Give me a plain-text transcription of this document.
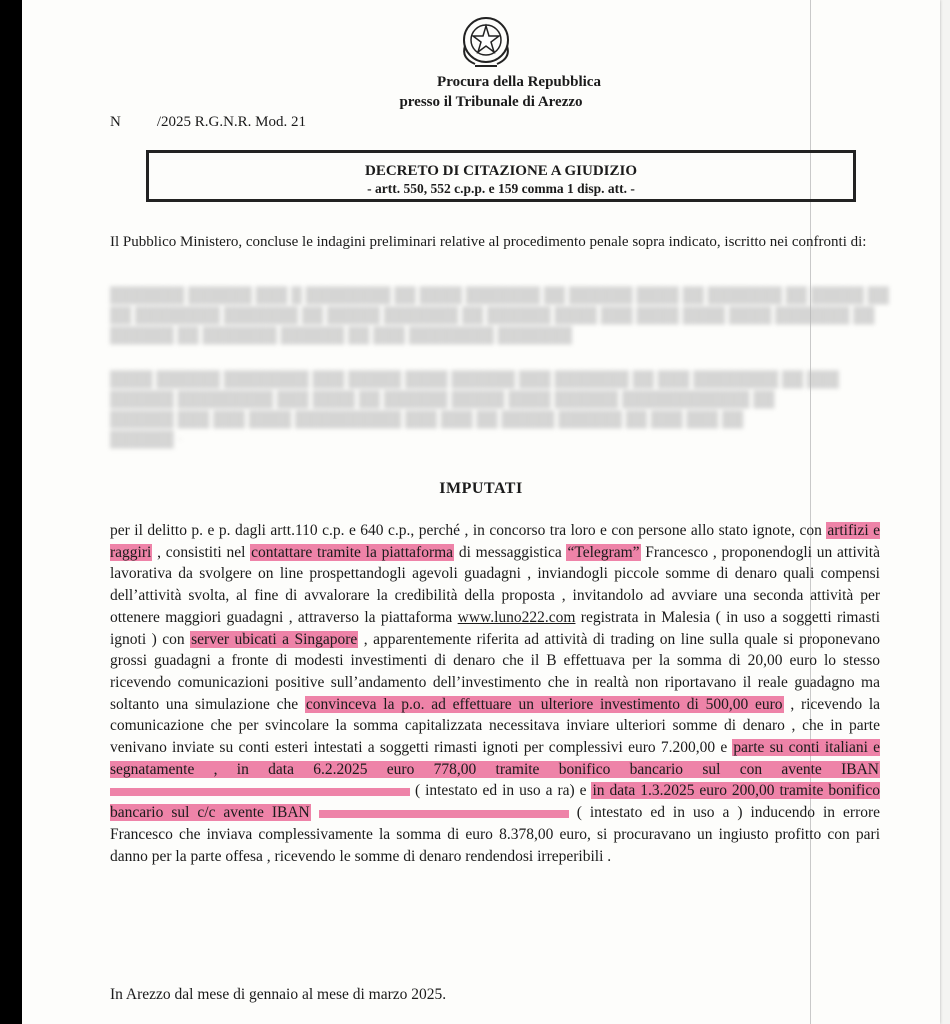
Procura della Repubblica
presso il Tribunale di Arezzo
N /2025 R.G.N.R. Mod. 21
DECRETO DI CITAZIONE A GIUDIZIO
- artt. 550, 552 c.p.p. e 159 comma 1 disp. att. -
Il Pubblico Ministero, concluse le indagini preliminari relative al procedimento penale sopra indicato, iscritto nei confronti di:
███████ ██████ ███ █ ████████ ██ ████ ███████ ██ ██████ ████ ██ ███████ ██ █████ ██
██ ████████ ███████ ██ █████ ███████ ██ ██████ ████ ███ ████ ████ ████ ███████ ██
██████ ██ ███████ ██████ ██ ███ ████████ ███████
████ ██████ ████████ ███ █████ ████ ██████ ███ ███████ ██ ███ ████████ ██ ███
██████ █████████ ███ ████ ██ ██████ █████ ████ ██████ ████████████ ██
██████ ███ ███ ████ ██████████ ███ ███ ██ █████ ██████ ██ ███ ███ ██
██████ ·
IMPUTATI

per il delitto p. e p. dagli artt.110 c.p. e 640 c.p., perché , in concorso tra loro e con persone allo stato ignote, con artifizi e raggiri , consistiti nel contattare tramite la piattaforma di messaggistica “Telegram” Francesco , proponendogli un attività lavorativa da svolgere on line prospettandogli agevoli guadagni , inviandogli piccole somme di denaro quali compensi dell’attività svolta, al fine di avvalorare la credibilità della proposta , invitandolo ad avviare una seconda attività per ottenere maggiori guadagni , attraverso la piattaforma www.luno222.com registrata in Malesia ( in uso a soggetti rimasti ignoti ) con server ubicati a Singapore , apparentemente riferita ad attività di trading on line sulla quale si proponevano grossi guadagni a fronte di modesti investimenti di denaro che il B effettuava per la somma di 20,00 euro lo stesso ricevendo comunicazioni positive sull’andamento dell’investimento che in realtà non riportavano il reale guadagno ma soltanto una simulazione che convinceva la p.o. ad effettuare un ulteriore investimento di 500,00 euro , ricevendo la comunicazione che per svincolare la somma capitalizzata necessitava inviare ulteriori somme di denaro , che in parte venivano inviate su conti esteri intestati a soggetti rimasti ignoti per complessivi euro 7.200,00 e parte su conti italiani e segnatamente , in data 6.2.2025 euro 778,00 tramite bonifico bancario sul con avente IBAN  ( intestato ed in uso a ra) e in data 1.3.2025 euro 200,00 tramite bonifico bancario sul c/c avente IBAN	( intestato ed in uso a ) inducendo in errore Francesco che inviava complessivamente la somma di euro 8.378,00 euro, si procuravano un ingiusto profitto con pari danno per la parte offesa , ricevendo le somme di denaro rendendosi irreperibili .

In Arezzo dal mese di gennaio al mese di marzo 2025.
